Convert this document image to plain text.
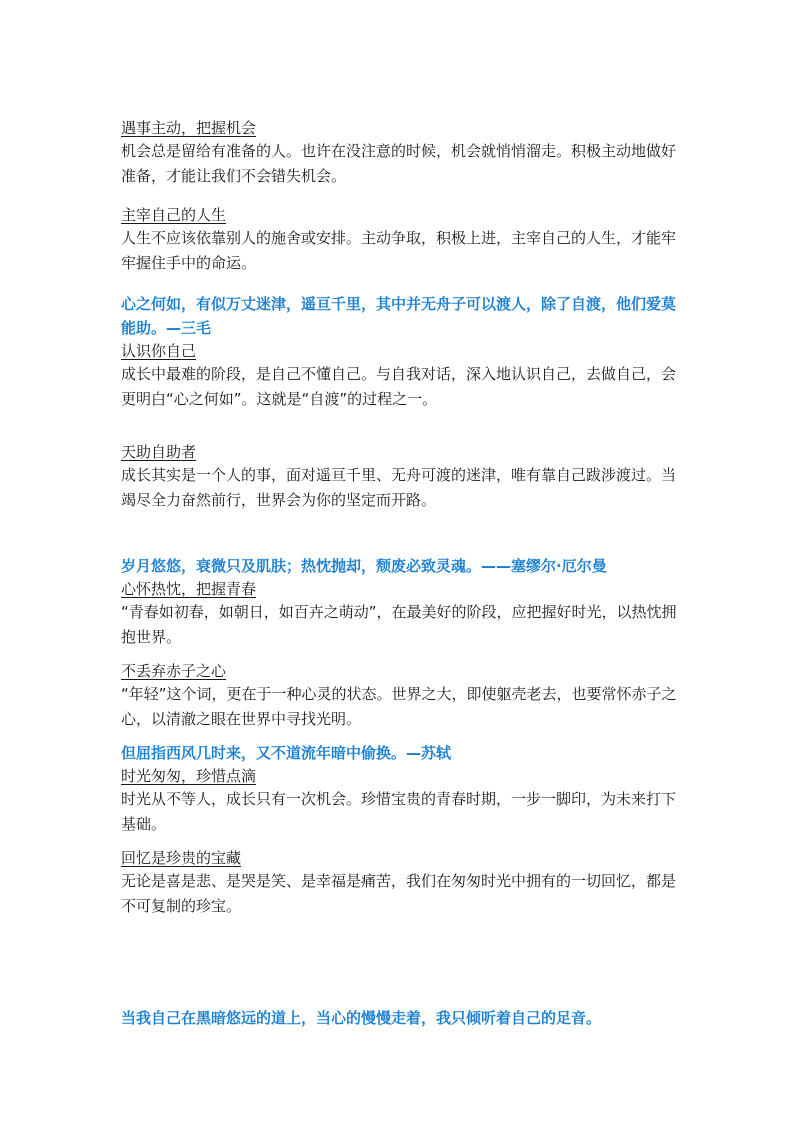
遇事主动，把握机会

机会总是留给有准备的人。也许在没注意的时候，机会就悄悄溜走。积极主动地做好准备，才能让我们不会错失机会。

主宰自己的人生

人生不应该依靠别人的施舍或安排。主动争取，积极上进，主宰自己的人生，才能牢牢握住手中的命运。

心之何如，有似万丈迷津，遥亘千里，其中并无舟子可以渡人，除了自渡，他们爱莫能助。—三毛

认识你自己

成长中最难的阶段，是自己不懂自己。与自我对话，深入地认识自己，去做自己，会更明白“心之何如”。这就是“自渡”的过程之一。

天助自助者

成长其实是一个人的事，面对遥亘千里、无舟可渡的迷津，唯有靠自己跋涉渡过。当竭尽全力奋然前行，世界会为你的坚定而开路。

岁月悠悠，衰微只及肌肤；热忱抛却，颓废必致灵魂。——塞缪尔·厄尔曼

心怀热忱，把握青春

“青春如初春，如朝日，如百卉之萌动”，在最美好的阶段，应把握好时光，以热忱拥抱世界。

不丢弃赤子之心

“年轻”这个词，更在于一种心灵的状态。世界之大，即使躯壳老去，也要常怀赤子之心，以清澈之眼在世界中寻找光明。

但屈指西风几时来，又不道流年暗中偷换。—苏轼

时光匆匆，珍惜点滴

时光从不等人，成长只有一次机会。珍惜宝贵的青春时期，一步一脚印，为未来打下基础。

回忆是珍贵的宝藏

无论是喜是悲、是哭是笑、是幸福是痛苦，我们在匆匆时光中拥有的一切回忆，都是不可复制的珍宝。

当我自己在黑暗悠远的道上，当心的慢慢走着，我只倾听着自己的足音。
